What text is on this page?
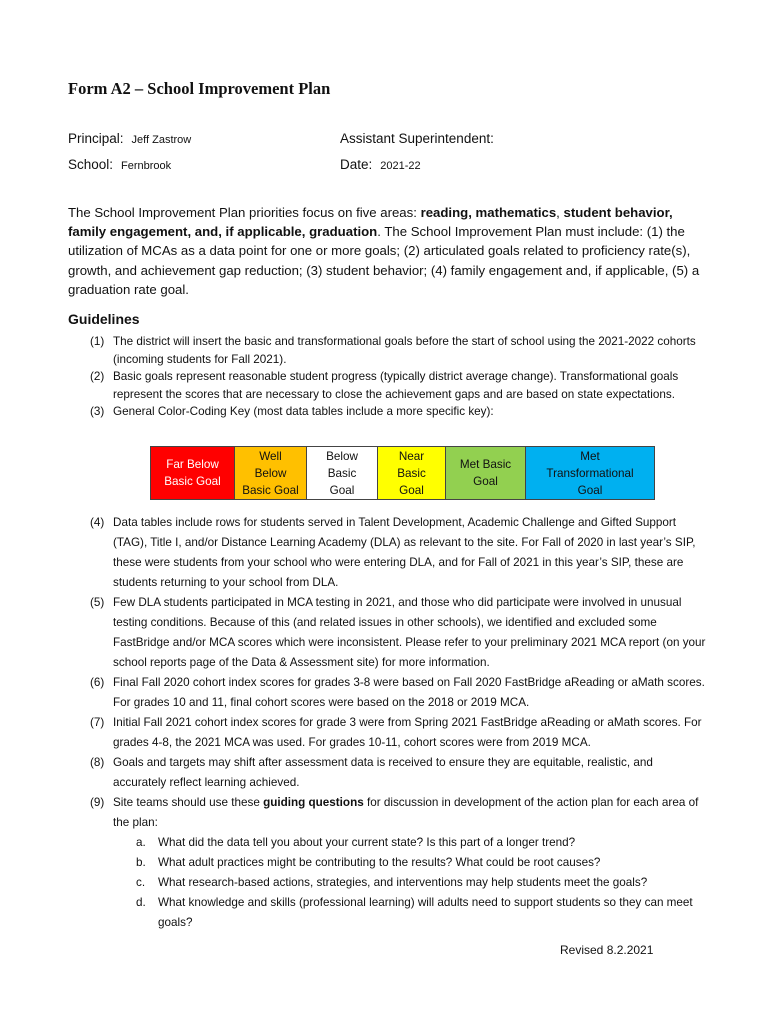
Form A2 – School Improvement Plan
Principal: Jeff Zastrow
School: Fernbrook
Assistant Superintendent:
Date: 2021-22
The School Improvement Plan priorities focus on five areas: reading, mathematics, student behavior, family engagement, and, if applicable, graduation. The School Improvement Plan must include: (1) the utilization of MCAs as a data point for one or more goals; (2) articulated goals related to proficiency rate(s), growth, and achievement gap reduction; (3) student behavior; (4) family engagement and, if applicable, (5) a graduation rate goal.
Guidelines
(1) The district will insert the basic and transformational goals before the start of school using the 2021-2022 cohorts (incoming students for Fall 2021).
(2) Basic goals represent reasonable student progress (typically district average change). Transformational goals represent the scores that are necessary to close the achievement gaps and are based on state expectations.
(3) General Color-Coding Key (most data tables include a more specific key):
Far Below
Basic Goal

Well
Below
Basic Goal

Below
Basic
Goal

Near
Basic
Goal

Met Basic
Goal

Met
Transformational
Goal
(4) Data tables include rows for students served in Talent Development, Academic Challenge and Gifted Support (TAG), Title I, and/or Distance Learning Academy (DLA) as relevant to the site. For Fall of 2020 in last year’s SIP, these were students from your school who were entering DLA, and for Fall of 2021 in this year’s SIP, these are students returning to your school from DLA.
(5) Few DLA students participated in MCA testing in 2021, and those who did participate were involved in unusual testing conditions. Because of this (and related issues in other schools), we identified and excluded some FastBridge and/or MCA scores which were inconsistent. Please refer to your preliminary 2021 MCA report (on your school reports page of the Data & Assessment site) for more information.
(6) Final Fall 2020 cohort index scores for grades 3-8 were based on Fall 2020 FastBridge aReading or aMath scores. For grades 10 and 11, final cohort scores were based on the 2018 or 2019 MCA.
(7) Initial Fall 2021 cohort index scores for grade 3 were from Spring 2021 FastBridge aReading or aMath scores. For grades 4-8, the 2021 MCA was used. For grades 10-11, cohort scores were from 2019 MCA.
(8) Goals and targets may shift after assessment data is received to ensure they are equitable, realistic, and accurately reflect learning achieved.
(9) Site teams should use these guiding questions for discussion in development of the action plan for each area of the plan:
a. What did the data tell you about your current state? Is this part of a longer trend?
b. What adult practices might be contributing to the results? What could be root causes?
c. What research-based actions, strategies, and interventions may help students meet the goals?
d. What knowledge and skills (professional learning) will adults need to support students so they can meet goals?
Revised 8.2.2021
